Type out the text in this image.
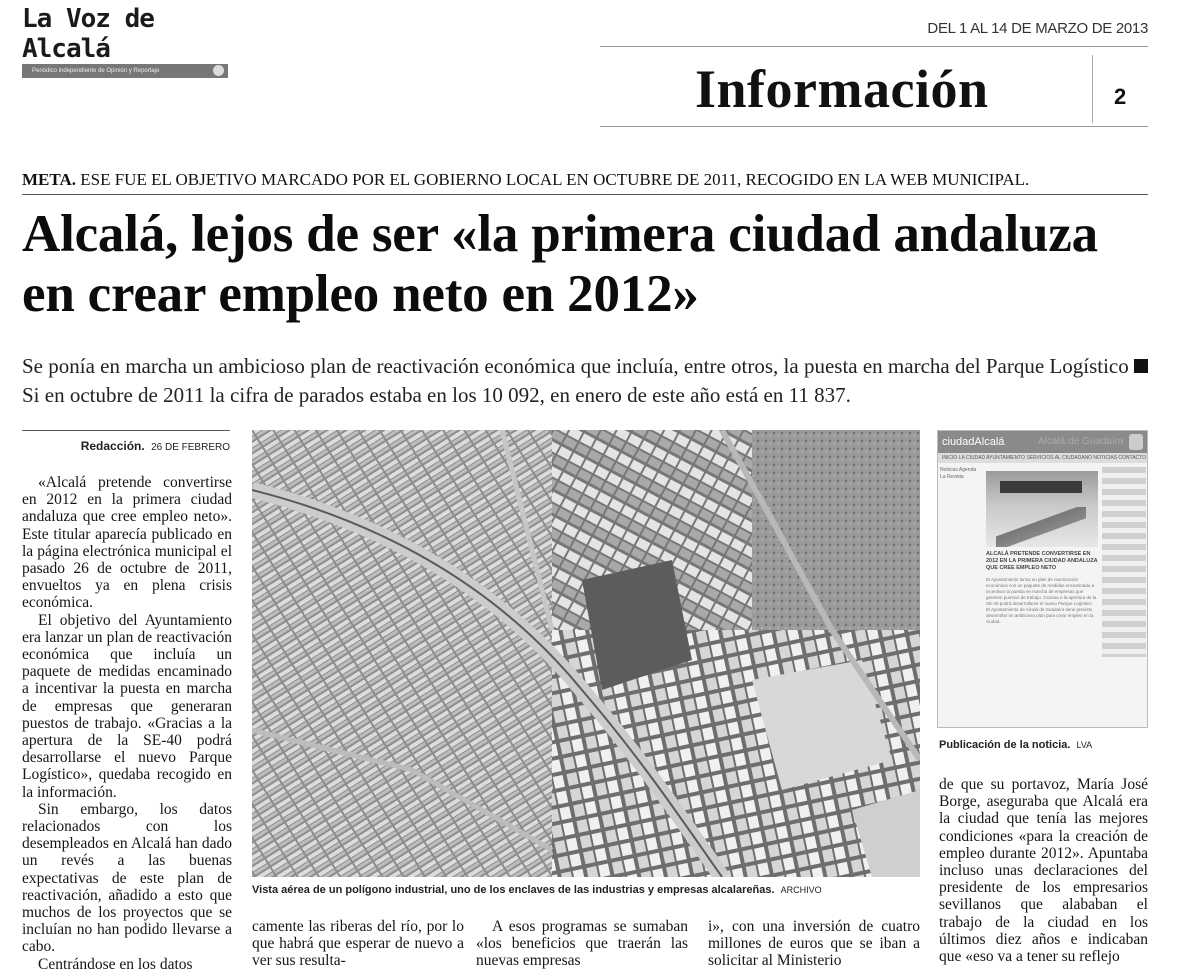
La Voz de Alcalá
Periódico independiente de Opinión y Reportaje
DEL 1 AL 14 DE MARZO DE 2013
Información	2
META. ESE FUE EL OBJETIVO MARCADO POR EL GOBIERNO LOCAL EN OCTUBRE DE 2011, RECOGIDO EN LA WEB MUNICIPAL.
Alcalá, lejos de ser «la primera ciudad andaluza en crear empleo neto en 2012»
Se ponía en marcha un ambicioso plan de reactivación económica que incluía, entre otros, la puesta en marcha del Parque LogísticoSi en octubre de 2011 la cifra de parados estaba en los 10 092, en enero de este año está en 11 837.
Redacción. 26 DE FEBRERO

«Alcalá pretende convertirse en 2012 en la primera ciudad andaluza que cree empleo neto». Este titular aparecía publicado en la página electrónica municipal el pasado 26 de octubre de 2011, envueltos ya en plena crisis económica.

El objetivo del Ayuntamiento era lanzar un plan de reactivación económica que incluía un paquete de medidas encaminado a incentivar la puesta en marcha de empresas que generaran puestos de trabajo. «Gracias a la apertura de la SE-40 podrá desarrollarse el nuevo Parque Logístico», quedaba recogido en la información.

Sin embargo, los datos relacionados con los desempleados en Alcalá han dado un revés a las buenas expectativas de este plan de reactivación, añadido a esto que muchos de los proyectos que se incluían no han podido llevarse a cabo.

Centrándose en los datos

Vista aérea de un polígono industrial, uno de los enclaves de las industrias y empresas alcalareñas. ARCHIVO
ciudadAlcalá	Alcalá de Guadaíra
INICIO LA CIUDAD AYUNTAMIENTO SERVICIOS AL CIUDADANO NOTICIAS CONTACTO
Noticias Agenda La Revista
ALCALÁ PRETENDE CONVERTIRSE EN 2012 EN LA PRIMERA CIUDAD ANDALUZA QUE CREE EMPLEO NETO
El Ayuntamiento lanza un plan de reactivación económica con un paquete de medidas encaminado a incentivar la puesta en marcha de empresas que generen puestos de trabajo. Gracias a la apertura de la SE-40 podrá desarrollarse el nuevo Parque Logístico. El Ayuntamiento de Alcalá de Guadaíra tiene previsto desarrollar un ambicioso plan para crear empleo en la ciudad.
Publicación de la noticia. LVA

de que su portavoz, María José Borge, aseguraba que Alcalá era la ciudad que tenía las mejores condiciones «para la creación de empleo durante 2012». Apuntaba incluso unas declaraciones del presidente de los empresarios sevillanos que alababan el trabajo de la ciudad en los últimos diez años e indicaban que «eso va a tener su reflejo

camente las riberas del río, por lo que habrá que esperar de nuevo a ver sus resulta-

A esos programas se sumaban «los beneficios que traerán las nuevas empresas

i», con una inversión de cuatro millones de euros que se iban a solicitar al Ministerio
